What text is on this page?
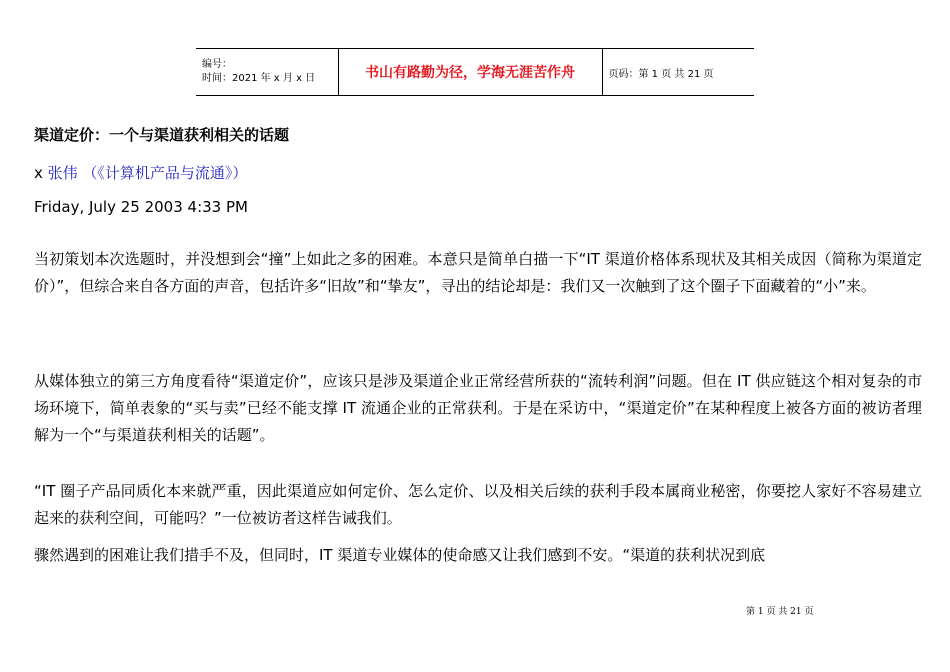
编号：
时间：2021 年 x 月 x 日	书山有路勤为径，学海无涯苦作舟	页码：第 1 页 共 21 页
渠道定价：一个与渠道获利相关的话题
x 张伟 （《计算机产品与流通》）
Friday, July 25 2003 4:33 PM

当初策划本次选题时，并没想到会“撞”上如此之多的困难。本意只是简单白描一下“IT 渠道价格体系现状及其相关成因（简称为渠道定价）”，但综合来自各方面的声音，包括许多“旧故”和“挚友”，寻出的结论却是：我们又一次触到了这个圈子下面藏着的“小”来。

从媒体独立的第三方角度看待“渠道定价”，应该只是涉及渠道企业正常经营所获的“流转利润”问题。但在 IT 供应链这个相对复杂的市场环境下，简单表象的“买与卖”已经不能支撑 IT 流通企业的正常获利。于是在采访中，“渠道定价”在某种程度上被各方面的被访者理解为一个“与渠道获利相关的话题”。

“IT 圈子产品同质化本来就严重，因此渠道应如何定价、怎么定价、以及相关后续的获利手段本属商业秘密，你要挖人家好不容易建立起来的获利空间，可能吗？”一位被访者这样告诫我们。

骤然遇到的困难让我们措手不及，但同时，IT 渠道专业媒体的使命感又让我们感到不安。“渠道的获利状况到底

第 1 页 共 21 页
